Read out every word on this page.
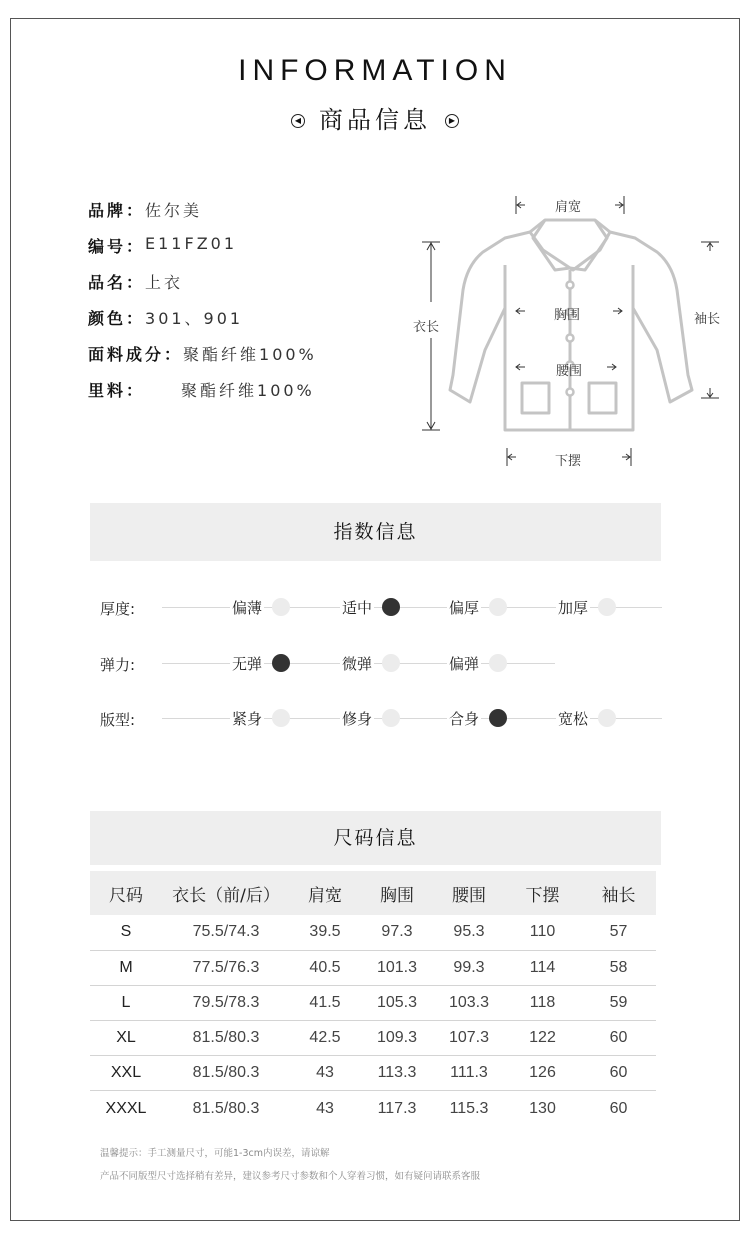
INFORMATION
◀ 商品信息 ▶
品牌： 佐尔美
编号： E11FZ01
品名： 上衣
颜色： 301、901
面料成分： 聚酯纤维100%
里料： 聚酯纤维100%
肩宽
衣长
胸围
腰围
袖长
下摆
指数信息
厚度:	偏薄	适中	偏厚	加厚
弹力:	无弹	微弹	偏弹
版型:	紧身	修身	合身	宽松
尺码信息
尺码	衣长（前/后）	肩宽	胸围	腰围	下摆	袖长
S	75.5/74.3	39.5	97.3	95.3	110	57
M	77.5/76.3	40.5	101.3	99.3	114	58
L	79.5/78.3	41.5	105.3	103.3	118	59
XL	81.5/80.3	42.5	109.3	107.3	122	60
XXL	81.5/80.3	43	113.3	111.3	126	60
XXXL	81.5/80.3	43	117.3	115.3	130	60
温馨提示：手工测量尺寸，可能1-3cm内误差，请谅解
产品不同版型尺寸选择稍有差异，建议参考尺寸参数和个人穿着习惯，如有疑问请联系客服
